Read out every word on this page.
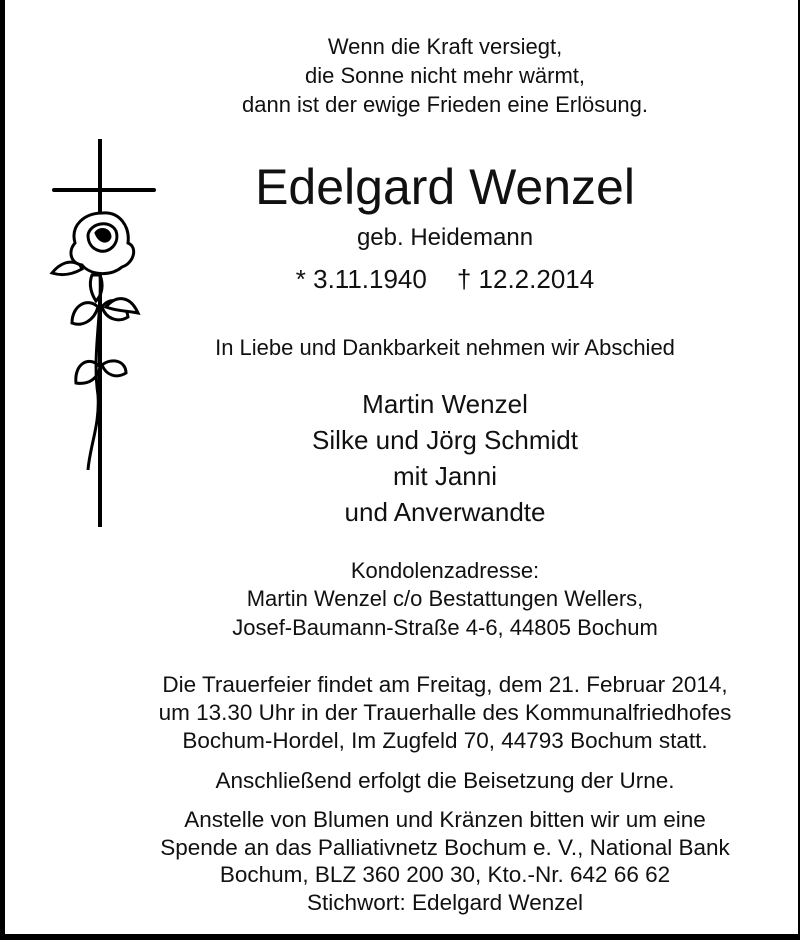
Wenn die Kraft versiegt,
die Sonne nicht mehr wärmt,
dann ist der ewige Frieden eine Erlösung.
Edelgard Wenzel
geb. Heidemann
* 3.11.1940 † 12.2.2014
In Liebe und Dankbarkeit nehmen wir Abschied
Martin Wenzel
Silke und Jörg Schmidt
mit Janni
und Anverwandte
Kondolenzadresse:
Martin Wenzel c/o Bestattungen Wellers,
Josef-Baumann-Straße 4-6, 44805 Bochum
Die Trauerfeier findet am Freitag, dem 21. Februar 2014,
um 13.30 Uhr in der Trauerhalle des Kommunalfriedhofes
Bochum-Hordel, Im Zugfeld 70, 44793 Bochum statt.
Anschließend erfolgt die Beisetzung der Urne.
Anstelle von Blumen und Kränzen bitten wir um eine
Spende an das Palliativnetz Bochum e. V., National Bank
Bochum, BLZ 360 200 30, Kto.-Nr. 642 66 62
Stichwort: Edelgard Wenzel
